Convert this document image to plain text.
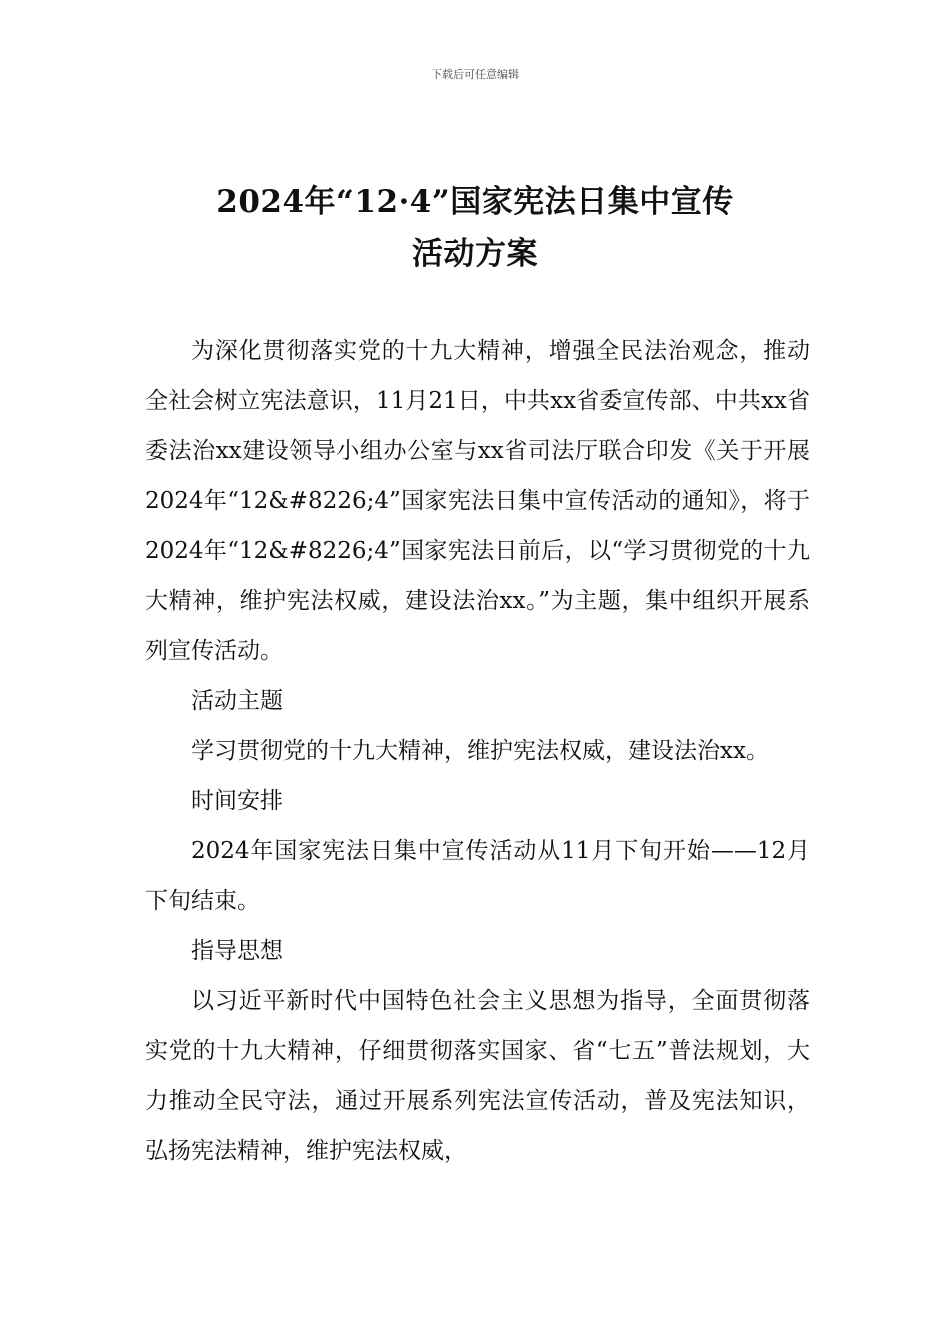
下载后可任意编辑
2024年“12·4”国家宪法日集中宣传
活动方案

为深化贯彻落实党的十九大精神，增强全民法治观念，推动全社会树立宪法意识，11月21日，中共xx省委宣传部、中共xx省委法治xx建设领导小组办公室与xx省司法厅联合印发《关于开展2024年“12&#8226;4”国家宪法日集中宣传活动的通知》，将于2024年“12&#8226;4”国家宪法日前后，以“学习贯彻党的十九大精神，维护宪法权威，建设法治xx。”为主题，集中组织开展系列宣传活动。

活动主题

学习贯彻党的十九大精神，维护宪法权威，建设法治xx。

时间安排

2024年国家宪法日集中宣传活动从11月下旬开始——12月下旬结束。

指导思想

以习近平新时代中国特色社会主义思想为指导，全面贯彻落实党的十九大精神，仔细贯彻落实国家、省“七五”普法规划，大力推动全民守法，通过开展系列宪法宣传活动，普及宪法知识，弘扬宪法精神，维护宪法权威，
